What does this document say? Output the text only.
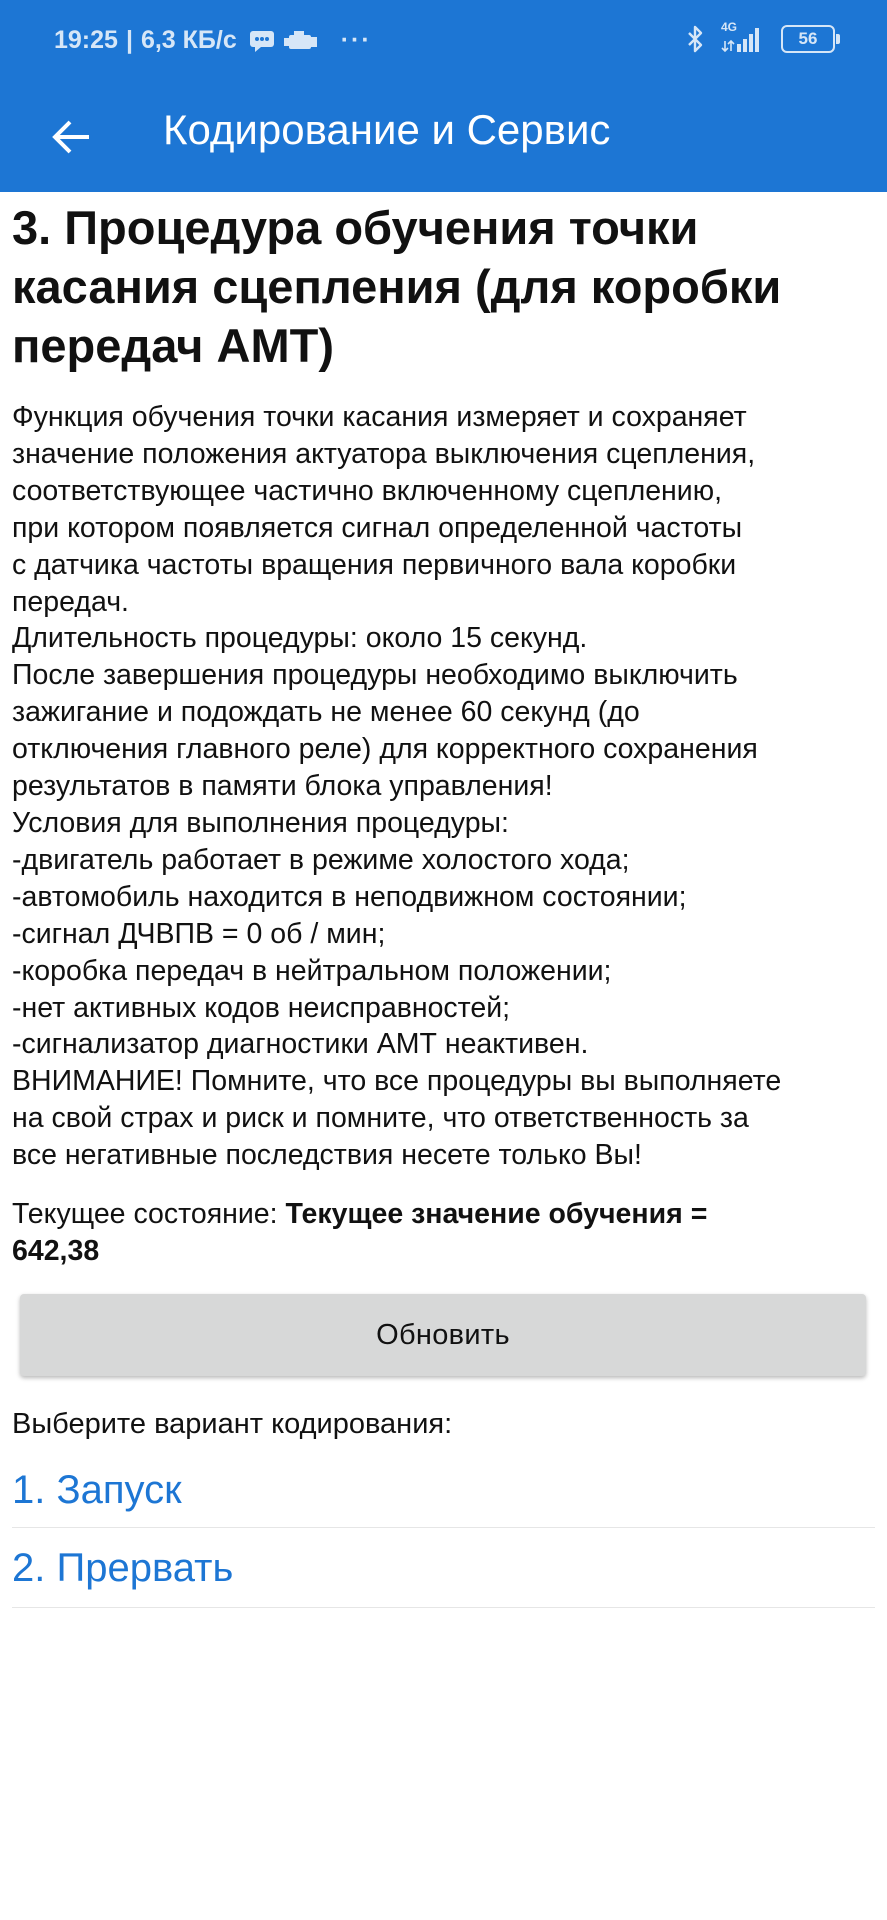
19:25 | 6,3 КБ/с	···	4G
56
Кодирование и Сервис
3. Процедура обучения точки
касания сцепления (для коробки
передач АМТ)
Функция обучения точки касания измеряет и сохраняет
значение положения актуатора выключения сцепления,
соответствующее частично включенному сцеплению,
при котором появляется сигнал определенной частоты
с датчика частоты вращения первичного вала коробки
передач.
Длительность процедуры: около 15 секунд.
После завершения процедуры необходимо выключить
зажигание и подождать не менее 60 секунд (до
отключения главного реле) для корректного сохранения
результатов в памяти блока управления!
Условия для выполнения процедуры:
-двигатель работает в режиме холостого хода;
-автомобиль находится в неподвижном состоянии;
-сигнал ДЧВПВ = 0 об / мин;
-коробка передач в нейтральном положении;
-нет активных кодов неисправностей;
-сигнализатор диагностики АМТ неактивен.
ВНИМАНИЕ! Помните, что все процедуры вы выполняете
на свой страх и риск и помните, что ответственность за
все негативные последствия несете только Вы!
Текущее состояние: Текущее значение обучения =
642,38
Обновить
Выберите вариант кодирования:
1. Запуск
2. Прервать
